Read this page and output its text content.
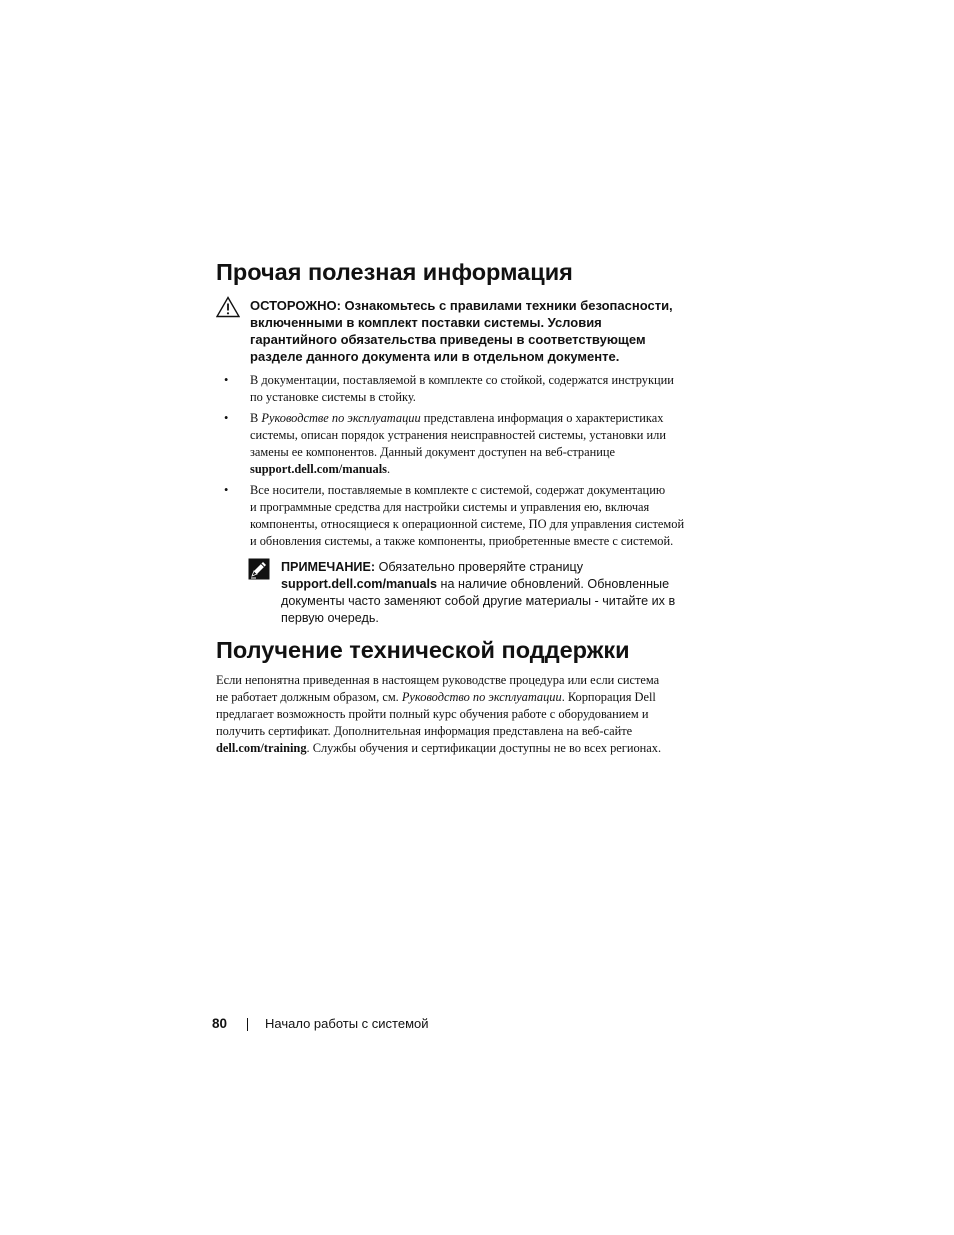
Прочая полезная информация
ОСТОРОЖНО: Ознакомьтесь с правилами техники безопасности,
включенными в комплект поставки системы. Условия
гарантийного обязательства приведены в соответствующем
разделе данного документа или в отдельном документе.
• В документации, поставляемой в комплекте со стойкой, содержатся инструкции
по установке системы в стойку.
• В Руководстве по эксплуатации представлена информация о характеристиках
системы, описан порядок устранения неисправностей системы, установки или
замены ее компонентов. Данный документ доступен на веб-странице
support.dell.com/manuals.
• Все носители, поставляемые в комплекте с системой, содержат документацию
и программные средства для настройки системы и управления ею, включая
компоненты, относящиеся к операционной системе, ПО для управления системой
и обновления системы, а также компоненты, приобретенные вместе с системой.
ПРИМЕЧАНИЕ: Обязательно проверяйте страницу
support.dell.com/manuals на наличие обновлений. Обновленные
документы часто заменяют собой другие материалы - читайте их в
первую очередь.
Получение технической поддержки
Если непонятна приведенная в настоящем руководстве процедура или если система
не работает должным образом, см. Руководство по эксплуатации. Корпорация Dell
предлагает возможность пройти полный курс обучения работе с оборудованием и
получить сертификат. Дополнительная информация представлена на веб-сайте
dell.com/training. Службы обучения и сертификации доступны не во всех регионах.
80	Начало работы с системой
